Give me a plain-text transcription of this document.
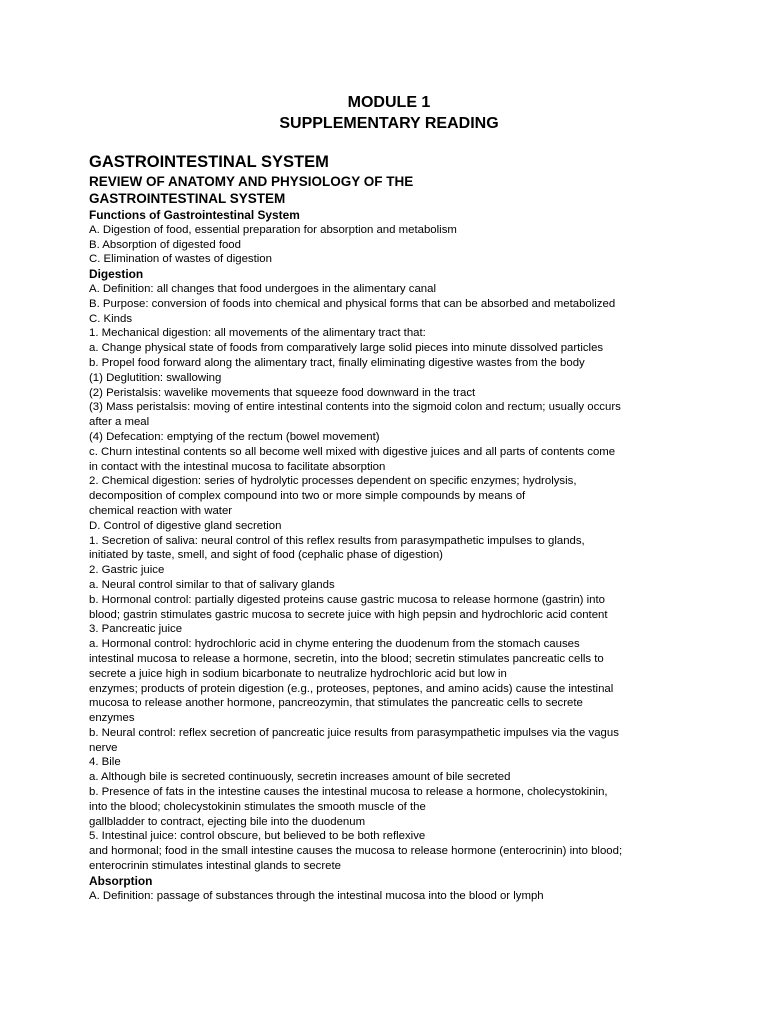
MODULE 1
SUPPLEMENTARY READING
GASTROINTESTINAL SYSTEM
REVIEW OF ANATOMY AND PHYSIOLOGY OF THE
GASTROINTESTINAL SYSTEM
Functions of Gastrointestinal System
A. Digestion of food, essential preparation for absorption and metabolism
B. Absorption of digested food
C. Elimination of wastes of digestion
Digestion
A. Definition: all changes that food undergoes in the alimentary canal
B. Purpose: conversion of foods into chemical and physical forms that can be absorbed and metabolized
C. Kinds
1. Mechanical digestion: all movements of the alimentary tract that:
a. Change physical state of foods from comparatively large solid pieces into minute dissolved particles
b. Propel food forward along the alimentary tract, finally eliminating digestive wastes from the body
(1) Deglutition: swallowing
(2) Peristalsis: wavelike movements that squeeze food downward in the tract
(3) Mass peristalsis: moving of entire intestinal contents into the sigmoid colon and rectum; usually occurs
after a meal
(4) Defecation: emptying of the rectum (bowel movement)
c. Churn intestinal contents so all become well mixed with digestive juices and all parts of contents come
in contact with the intestinal mucosa to facilitate absorption
2. Chemical digestion: series of hydrolytic processes dependent on specific enzymes; hydrolysis,
decomposition of complex compound into two or more simple compounds by means of
chemical reaction with water
D. Control of digestive gland secretion
1. Secretion of saliva: neural control of this reflex results from parasympathetic impulses to glands,
initiated by taste, smell, and sight of food (cephalic phase of digestion)
2. Gastric juice
a. Neural control similar to that of salivary glands
b. Hormonal control: partially digested proteins cause gastric mucosa to release hormone (gastrin) into
blood; gastrin stimulates gastric mucosa to secrete juice with high pepsin and hydrochloric acid content
3. Pancreatic juice
a. Hormonal control: hydrochloric acid in chyme entering the duodenum from the stomach causes
intestinal mucosa to release a hormone, secretin, into the blood; secretin stimulates pancreatic cells to
secrete a juice high in sodium bicarbonate to neutralize hydrochloric acid but low in
enzymes; products of protein digestion (e.g., proteoses, peptones, and amino acids) cause the intestinal
mucosa to release another hormone, pancreozymin, that stimulates the pancreatic cells to secrete
enzymes
b. Neural control: reflex secretion of pancreatic juice results from parasympathetic impulses via the vagus
nerve
4. Bile
a. Although bile is secreted continuously, secretin increases amount of bile secreted
b. Presence of fats in the intestine causes the intestinal mucosa to release a hormone, cholecystokinin,
into the blood; cholecystokinin stimulates the smooth muscle of the
gallbladder to contract, ejecting bile into the duodenum
5. Intestinal juice: control obscure, but believed to be both reflexive
and hormonal; food in the small intestine causes the mucosa to release hormone (enterocrinin) into blood;
enterocrinin stimulates intestinal glands to secrete
Absorption
A. Definition: passage of substances through the intestinal mucosa into the blood or lymph
